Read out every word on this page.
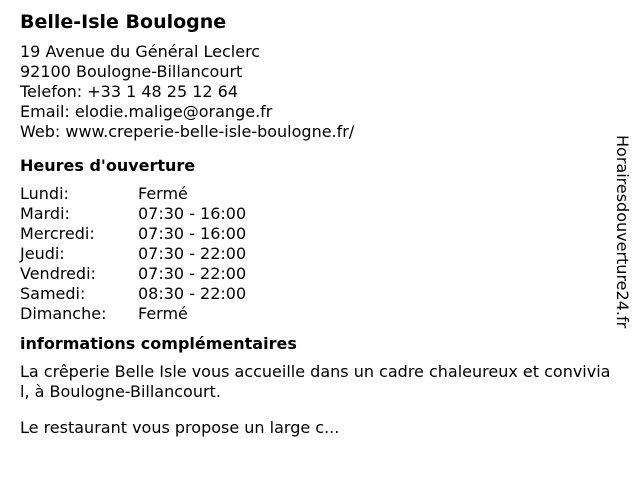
Belle-Isle Boulogne
19 Avenue du Général Leclerc
92100 Boulogne-Billancourt
Telefon: +33 1 48 25 12 64
Email: elodie.malige@orange.fr
Web: www.creperie-belle-isle-boulogne.fr/
Heures d'ouverture
Lundi:	Fermé
Mardi:	07:30 - 16:00
Mercredi:	07:30 - 16:00
Jeudi:	07:30 - 22:00
Vendredi:	07:30 - 22:00
Samedi:	08:30 - 22:00
Dimanche:	Fermé
informations complémentaires

La crêperie Belle Isle vous accueille dans un cadre chaleureux et convivial, à Boulogne-Billancourt.

Le restaurant vous propose un large c...

Horairesdouverture24.fr
